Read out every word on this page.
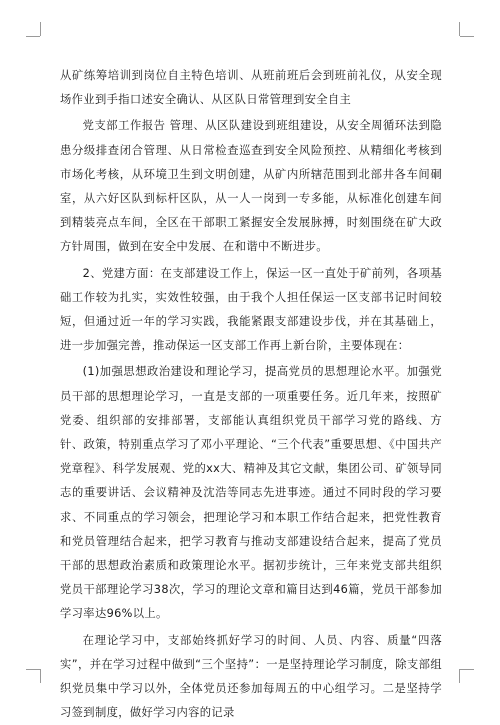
从矿练筹培训到岗位自主特色培训、从班前班后会到班前礼仪，从安全现场作业到手指口述安全确认、从区队日常管理到安全自主

党支部工作报告 管理、从区队建设到班组建设，从安全周循环法到隐患分级排查闭合管理、从日常检查巡查到安全风险预控、从精细化考核到市场化考核，从环境卫生到文明创建，从矿内所辖范围到北部井各车间硐室，从六好区队到标杆区队，从一人一岗到一专多能，从标准化创建车间到精装亮点车间，全区在干部职工紧握安全发展脉搏，时刻围绕在矿大政方针周围，做到在安全中发展、在和谐中不断进步。

2、党建方面：在支部建设工作上，保运一区一直处于矿前列，各项基础工作较为扎实，实效性较强，由于我个人担任保运一区支部书记时间较短，但通过近一年的学习实践，我能紧跟支部建设步伐，并在其基础上，进一步加强完善，推动保运一区支部工作再上新台阶，主要体现在：

(1)加强思想政治建设和理论学习，提高党员的思想理论水平。加强党员干部的思想理论学习，一直是支部的一项重要任务。近几年来，按照矿党委、组织部的安排部署，支部能认真组织党员干部学习党的路线、方针、政策，特别重点学习了邓小平理论、“三个代表”重要思想、《中国共产党章程》、科学发展观、党的xx大、精神及其它文献，集团公司、矿领导同志的重要讲话、会议精神及沈浩等同志先进事迹。通过不同时段的学习要求、不同重点的学习领会，把理论学习和本职工作结合起来，把党性教育和党员管理结合起来，把学习教育与推动支部建设结合起来，提高了党员干部的思想政治素质和政策理论水平。据初步统计，三年来党支部共组织党员干部理论学习38次，学习的理论文章和篇目达到46篇，党员干部参加学习率达96%以上。

在理论学习中，支部始终抓好学习的时间、人员、内容、质量“四落实”，并在学习过程中做到“三个坚持”：一是坚持理论学习制度，除支部组织党员集中学习以外，全体党员还参加每周五的中心组学习。二是坚持学习签到制度，做好学习内容的记录
